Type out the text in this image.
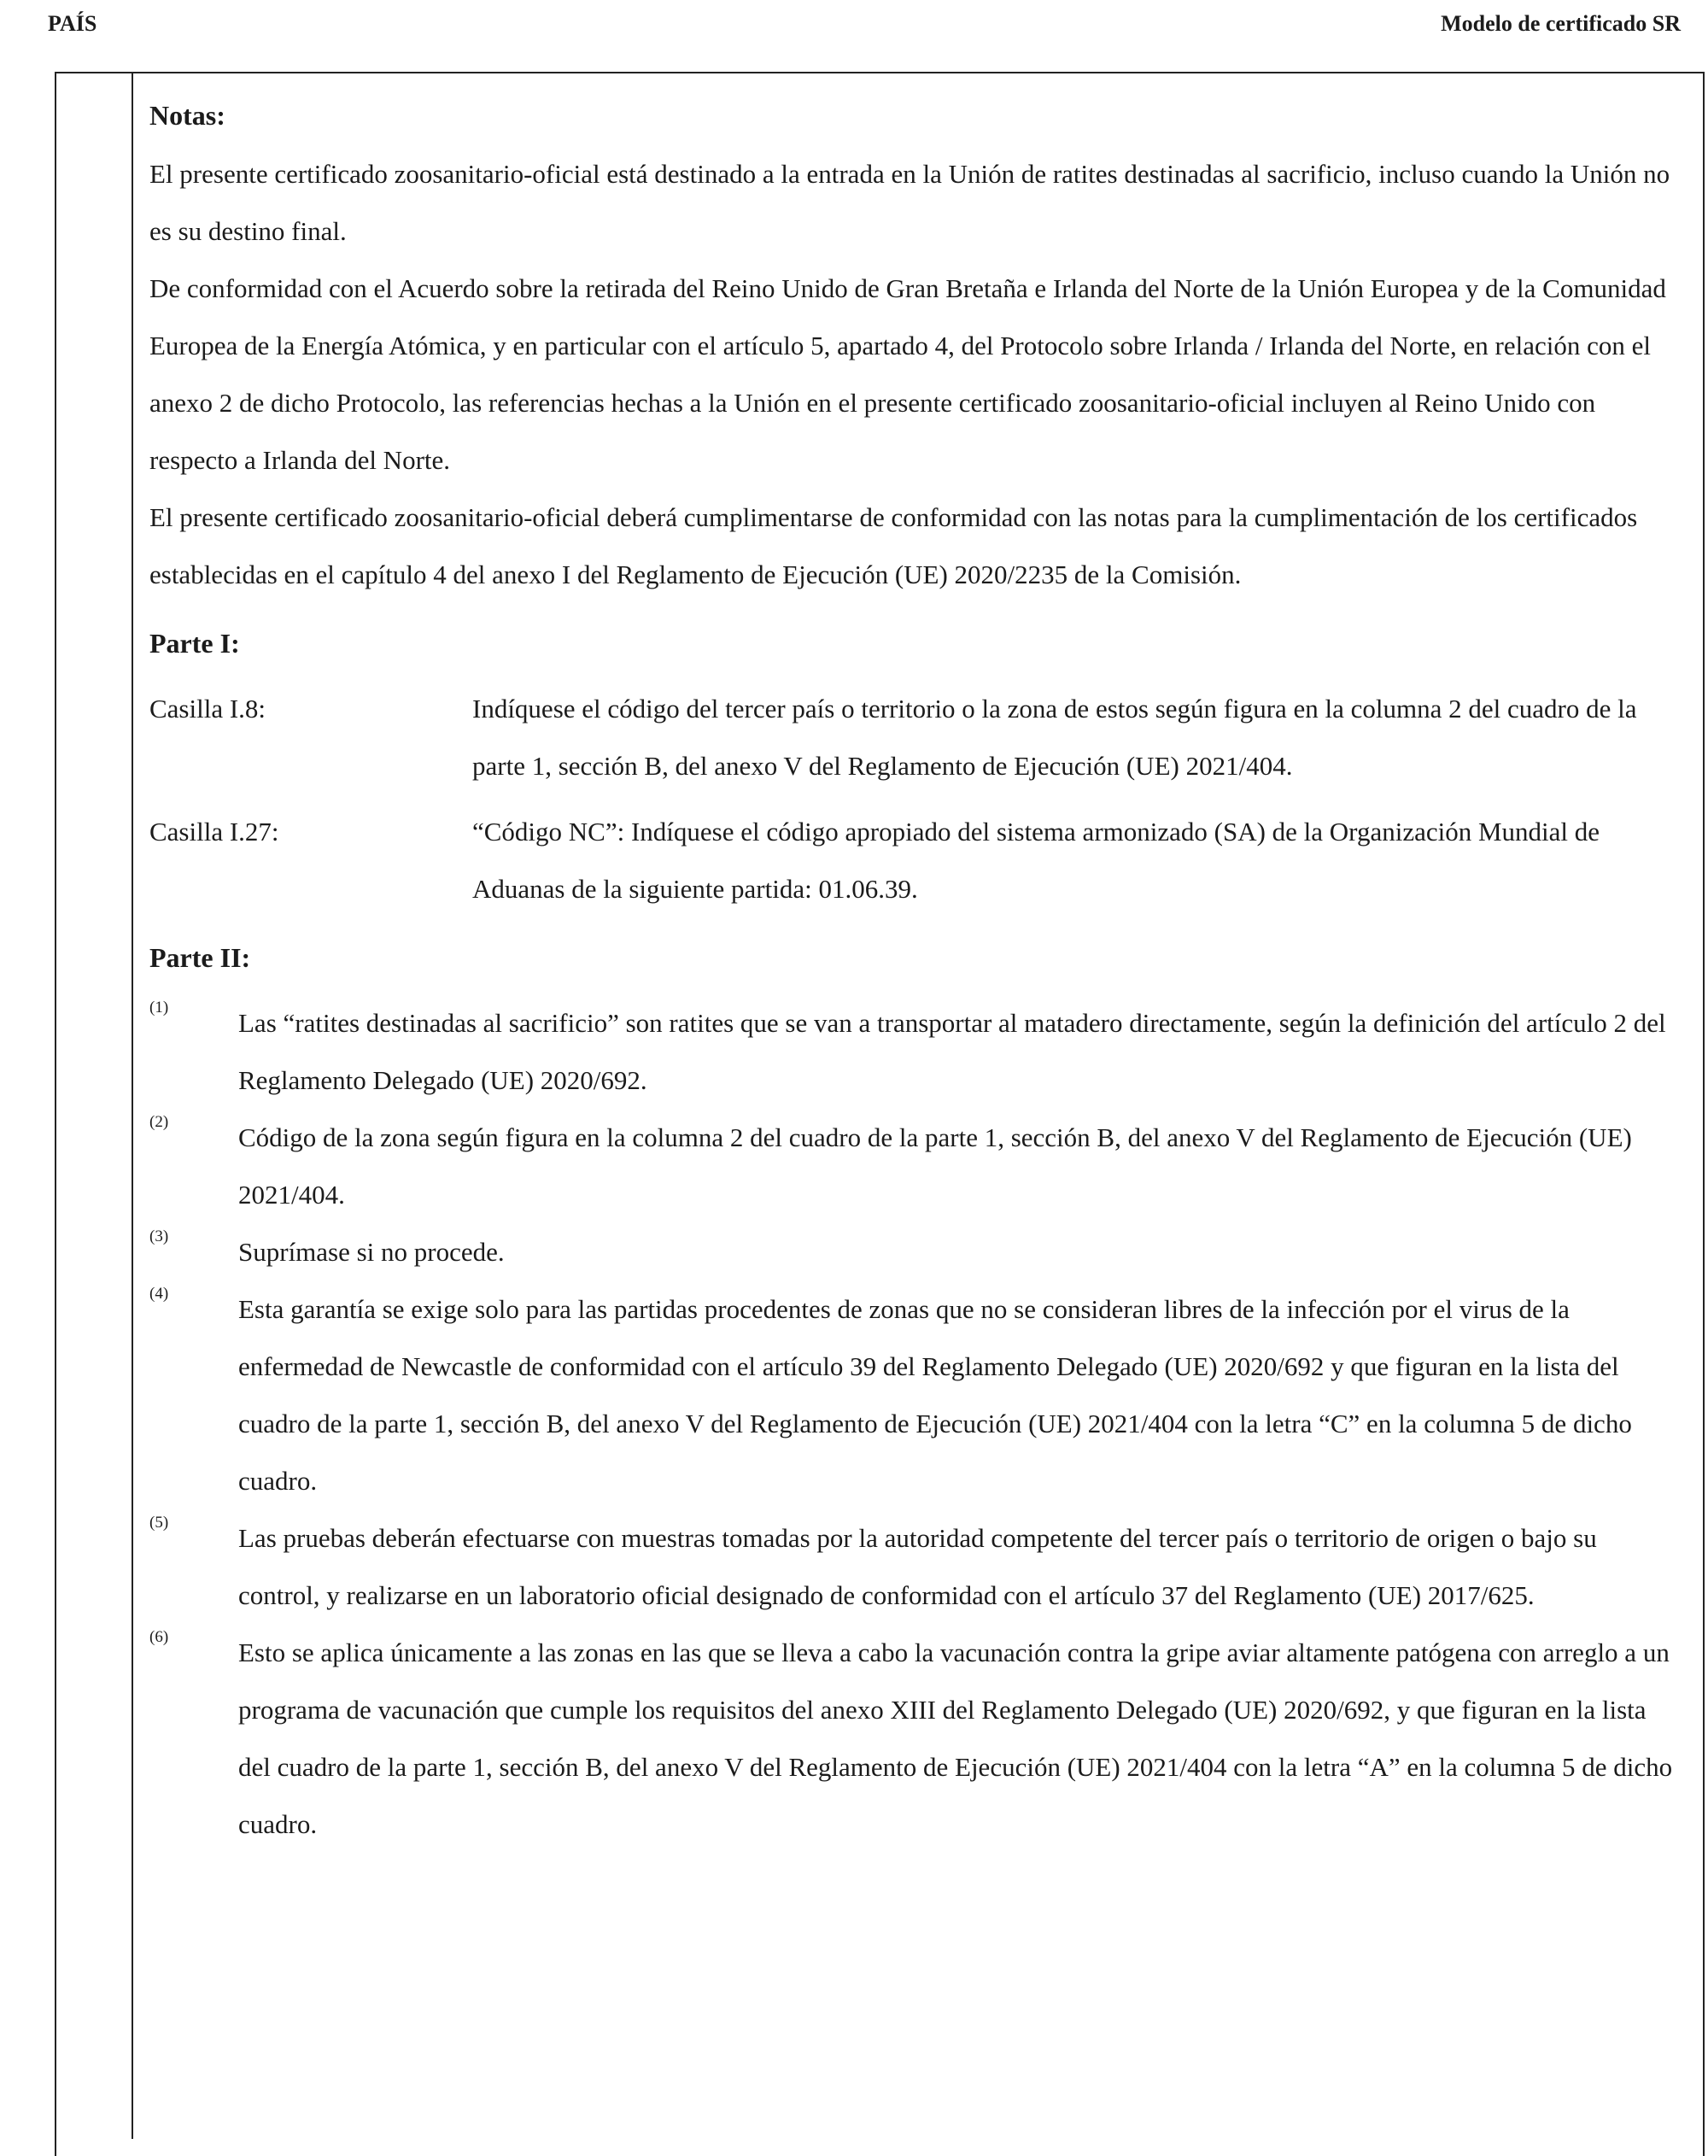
PAÍS	Modelo de certificado SR

Notas:

El presente certificado zoosanitario-oficial está destinado a la entrada en la Unión de ratites destinadas al sacrificio, incluso cuando la Unión no es su destino final.

De conformidad con el Acuerdo sobre la retirada del Reino Unido de Gran Bretaña e Irlanda del Norte de la Unión Europea y de la Comunidad Europea de la Energía Atómica, y en particular con el artículo 5, apartado 4, del Protocolo sobre Irlanda / Irlanda del Norte, en relación con el anexo 2 de dicho Protocolo, las referencias hechas a la Unión en el presente certificado zoosanitario-oficial incluyen al Reino Unido con respecto a Irlanda del Norte.

El presente certificado zoosanitario-oficial deberá cumplimentarse de conformidad con las notas para la cumplimentación de los certificados establecidas en el capítulo 4 del anexo I del Reglamento de Ejecución (UE) 2020/2235 de la Comisión.

Parte I:

Casilla I.8:	Indíquese el código del tercer país o territorio o la zona de estos según figura en la columna 2 del cuadro de la parte 1, sección B, del anexo V del Reglamento de Ejecución (UE) 2021/404.
Casilla I.27:	“Código NC”: Indíquese el código apropiado del sistema armonizado (SA) de la Organización Mundial de Aduanas de la siguiente partida: 01.06.39.

Parte II:

(1)
Las “ratites destinadas al sacrificio” son ratites que se van a transportar al matadero directamente, según la definición del artículo 2 del Reglamento Delegado (UE) 2020/692.
(2)
Código de la zona según figura en la columna 2 del cuadro de la parte 1, sección B, del anexo V del Reglamento de Ejecución (UE) 2021/404.
(3)
Suprímase si no procede.
(4)
Esta garantía se exige solo para las partidas procedentes de zonas que no se consideran libres de la infección por el virus de la enfermedad de Newcastle de conformidad con el artículo 39 del Reglamento Delegado (UE) 2020/692 y que figuran en la lista del cuadro de la parte 1, sección B, del anexo V del Reglamento de Ejecución (UE) 2021/404 con la letra “C” en la columna 5 de dicho cuadro.
(5)
Las pruebas deberán efectuarse con muestras tomadas por la autoridad competente del tercer país o territorio de origen o bajo su control, y realizarse en un laboratorio oficial designado de conformidad con el artículo 37 del Reglamento (UE) 2017/625.
(6)
Esto se aplica únicamente a las zonas en las que se lleva a cabo la vacunación contra la gripe aviar altamente patógena con arreglo a un programa de vacunación que cumple los requisitos del anexo XIII del Reglamento Delegado (UE) 2020/692, y que figuran en la lista del cuadro de la parte 1, sección B, del anexo V del Reglamento de Ejecución (UE) 2021/404 con la letra “A” en la columna 5 de dicho cuadro.
